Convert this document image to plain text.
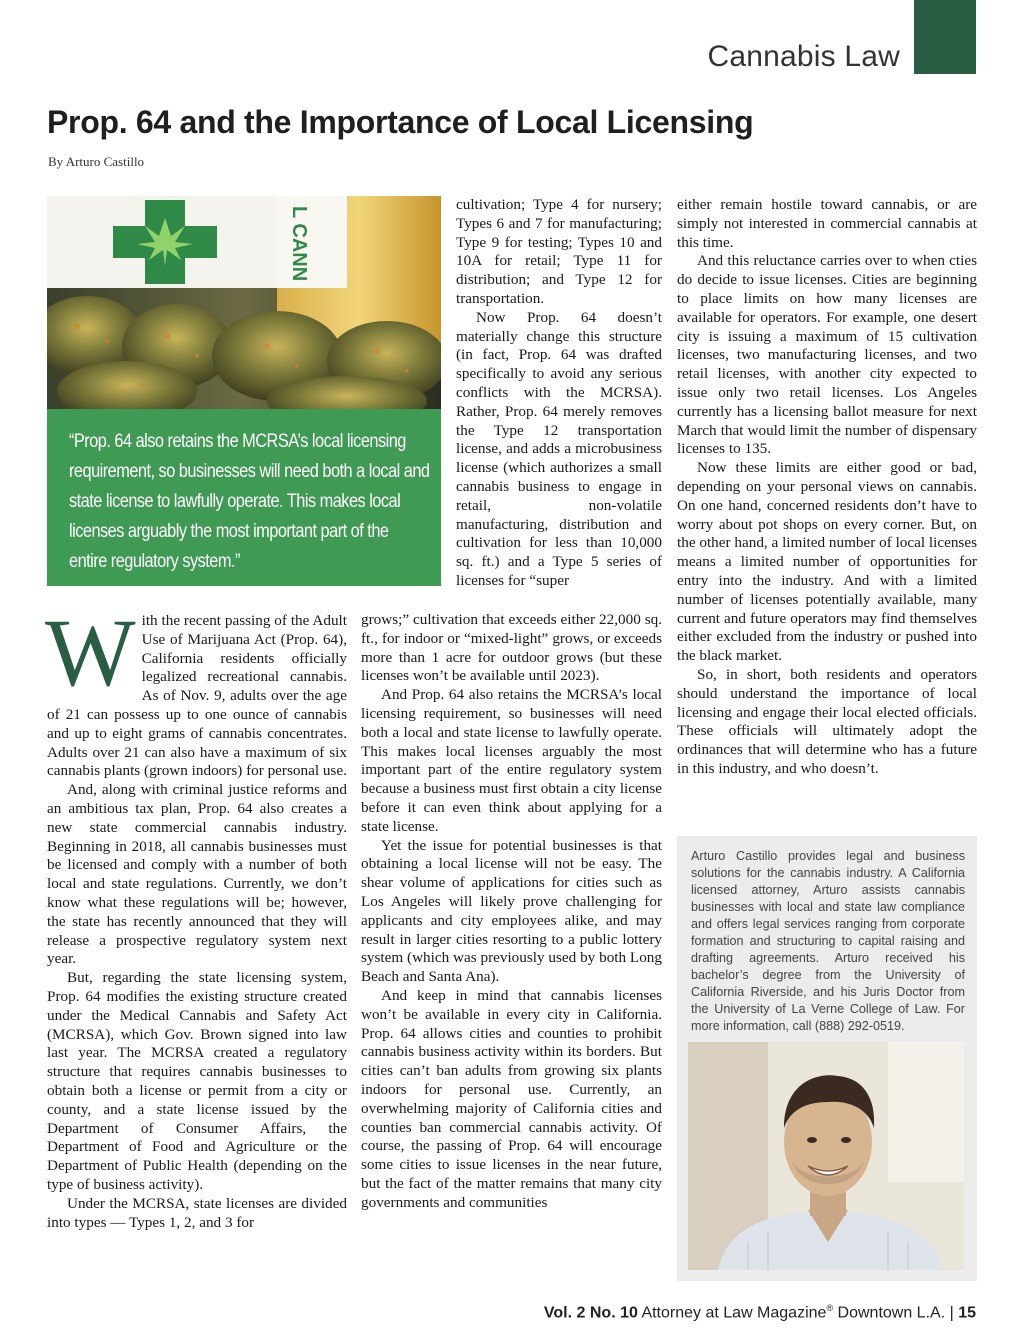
Cannabis Law
Prop. 64 and the Importance of Local Licensing
By Arturo Castillo
L CANN
“Prop. 64 also retains the MCRSA’s local licensing requirement, so businesses will need both a local and state license to lawfully operate. This makes local licenses arguably the most important part of the entire regulatory system.”

With the recent passing of the Adult Use of Marijuana Act (Prop. 64), California residents officially legalized recreational cannabis. As of Nov. 9, adults over the age of 21 can possess up to one ounce of cannabis and up to eight grams of cannabis concentrates. Adults over 21 can also have a maximum of six cannabis plants (grown indoors) for personal use.

And, along with criminal justice reforms and an ambitious tax plan, Prop. 64 also creates a new state commercial cannabis industry. Beginning in 2018, all cannabis businesses must be licensed and comply with a number of both local and state regulations. Currently, we don’t know what these regulations will be; however, the state has recently announced that they will release a prospective regulatory system next year.

But, regarding the state licensing system, Prop. 64 modifies the existing structure created under the Medical Cannabis and Safety Act (MCRSA), which Gov. Brown signed into law last year. The MCRSA created a regulatory structure that requires cannabis businesses to obtain both a license or permit from a city or county, and a state license issued by the Department of Consumer Affairs, the Department of Food and Agriculture or the Department of Public Health (depending on the type of business activity).

Under the MCRSA, state licenses are divided into types — Types 1, 2, and 3 for

cultivation; Type 4 for nursery; Types 6 and 7 for manufacturing; Type 9 for testing; Types 10 and 10A for retail; Type 11 for distribution; and Type 12 for transportation.

Now Prop. 64 doesn’t materially change this structure (in fact, Prop. 64 was drafted specifically to avoid any serious conflicts with the MCRSA). Rather, Prop. 64 merely removes the Type 12 transportation license, and adds a microbusiness license (which authorizes a small cannabis business to engage in retail, non-volatile manufacturing, distribution and cultivation for less than 10,000 sq. ft.) and a Type 5 series of licenses for “super

grows;” cultivation that exceeds either 22,000 sq. ft., for indoor or “mixed-light” grows, or exceeds more than 1 acre for outdoor grows (but these licenses won’t be available until 2023).

And Prop. 64 also retains the MCRSA’s local licensing requirement, so businesses will need both a local and state license to lawfully operate. This makes local licenses arguably the most important part of the entire regulatory system because a business must first obtain a city license before it can even think about applying for a state license.

Yet the issue for potential businesses is that obtaining a local license will not be easy. The shear volume of applications for cities such as Los Angeles will likely prove challenging for applicants and city employees alike, and may result in larger cities resorting to a public lottery system (which was previously used by both Long Beach and Santa Ana).

And keep in mind that cannabis licenses won’t be available in every city in California. Prop. 64 allows cities and counties to prohibit cannabis business activity within its borders. But cities can’t ban adults from growing six plants indoors for personal use. Currently, an overwhelming majority of California cities and counties ban commercial cannabis activity. Of course, the passing of Prop. 64 will encourage some cities to issue licenses in the near future, but the fact of the matter remains that many city governments and communities

either remain hostile toward cannabis, or are simply not interested in commercial cannabis at this time.

And this reluctance carries over to when cties do decide to issue licenses. Cities are beginning to place limits on how many licenses are available for operators. For example, one desert city is issuing a maximum of 15 cultivation licenses, two manufacturing licenses, and two retail licenses, with another city expected to issue only two retail licenses. Los Angeles currently has a licensing ballot measure for next March that would limit the number of dispensary licenses to 135.

Now these limits are either good or bad, depending on your personal views on cannabis. On one hand, concerned residents don’t have to worry about pot shops on every corner. But, on the other hand, a limited number of local licenses means a limited number of opportunities for entry into the industry. And with a limited number of licenses potentially available, many current and future operators may find themselves either excluded from the industry or pushed into the black market.

So, in short, both residents and operators should understand the importance of local licensing and engage their local elected officials. These officials will ultimately adopt the ordinances that will determine who has a future in this industry, and who doesn’t.

Arturo Castillo provides legal and business solutions for the cannabis industry. A California licensed attorney, Arturo assists cannabis businesses with local and state law compliance and offers legal services ranging from corporate formation and structuring to capital raising and drafting agreements. Arturo received his bachelor’s degree from the University of California Riverside, and his Juris Doctor from the University of La Verne College of Law. For more information, call (888) 292-0519.
Vol. 2 No. 10 Attorney at Law Magazine® Downtown L.A. | 15
